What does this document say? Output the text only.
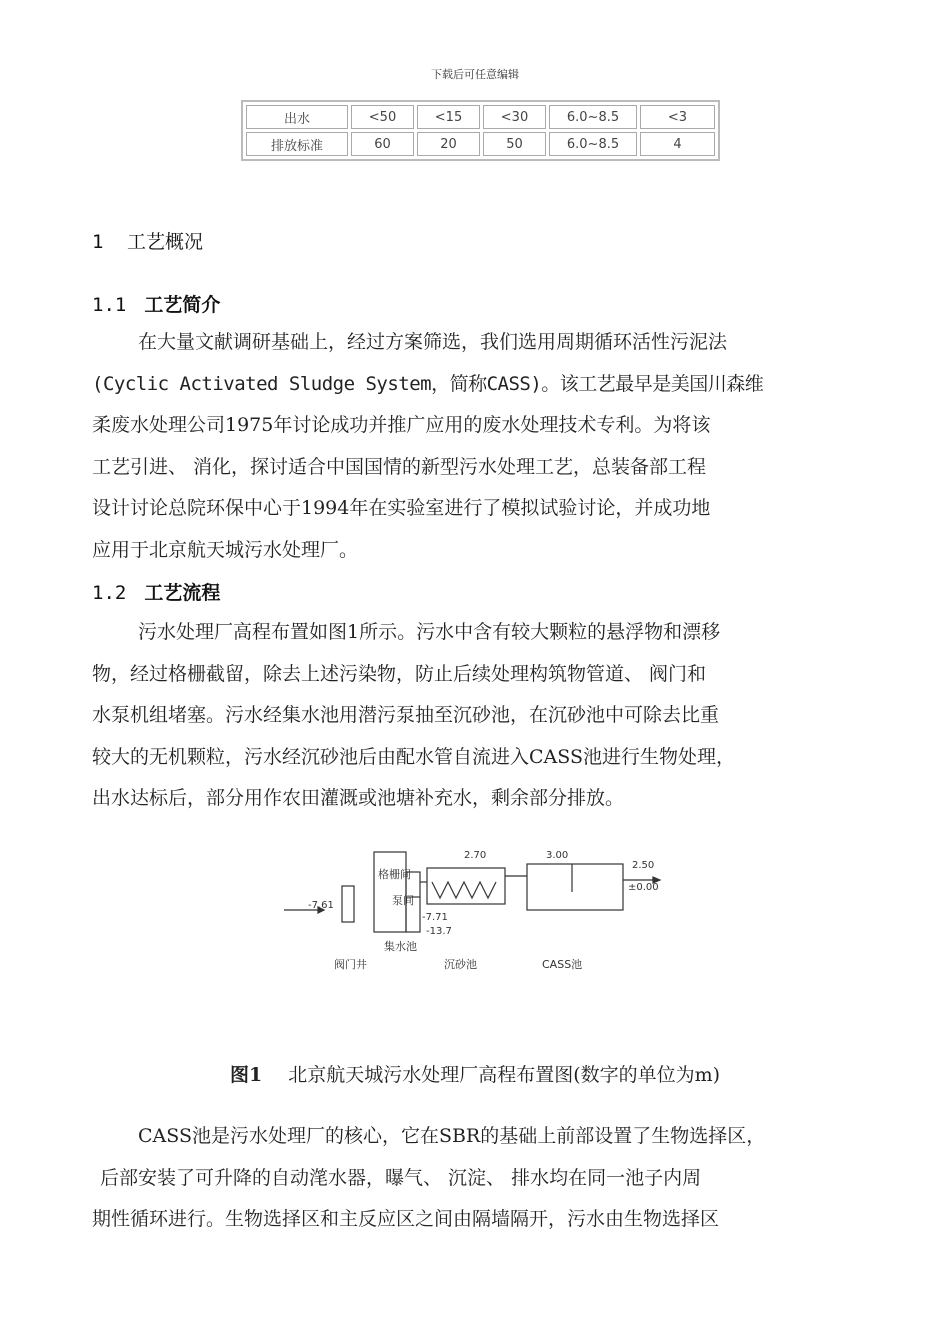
下载后可任意编辑
出水	<50	<15	<30	6.0~8.5	<3
排放标准	60	20	50	6.0~8.5	4
1 工艺概况
1.1 工艺简介
在大量文献调研基础上，经过方案筛选，我们选用周期循环活性污泥法
(Cyclic Activated Sludge System，简称CASS)。该工艺最早是美国川森维
柔废水处理公司1975年讨论成功并推广应用的废水处理技术专利。为将该
工艺引进、 消化，探讨适合中国国情的新型污水处理工艺，总装备部工程
设计讨论总院环保中心于1994年在实验室进行了模拟试验讨论，并成功地
应用于北京航天城污水处理厂。
1.2 工艺流程
污水处理厂高程布置如图1所示。污水中含有较大颗粒的悬浮物和漂移
物，经过格栅截留，除去上述污染物，防止后续处理构筑物管道、 阀门和
水泵机组堵塞。污水经集水池用潜污泵抽至沉砂池，在沉砂池中可除去比重
较大的无机颗粒，污水经沉砂池后由配水管自流进入CASS池进行生物处理，
出水达标后，部分用作农田灌溉或池塘补充水，剩余部分排放。
-7.61
格栅间
泵间
集水池
-7.71
-13.7
2.70	3.00
2.50
±0.00
阀门井	沉砂池	CASS池
图1 北京航天城污水处理厂高程布置图(数字的单位为m)
CASS池是污水处理厂的核心，它在SBR的基础上前部设置了生物选择区，
后部安装了可升降的自动滗水器，曝气、 沉淀、 排水均在同一池子内周
期性循环进行。生物选择区和主反应区之间由隔墙隔开，污水由生物选择区
